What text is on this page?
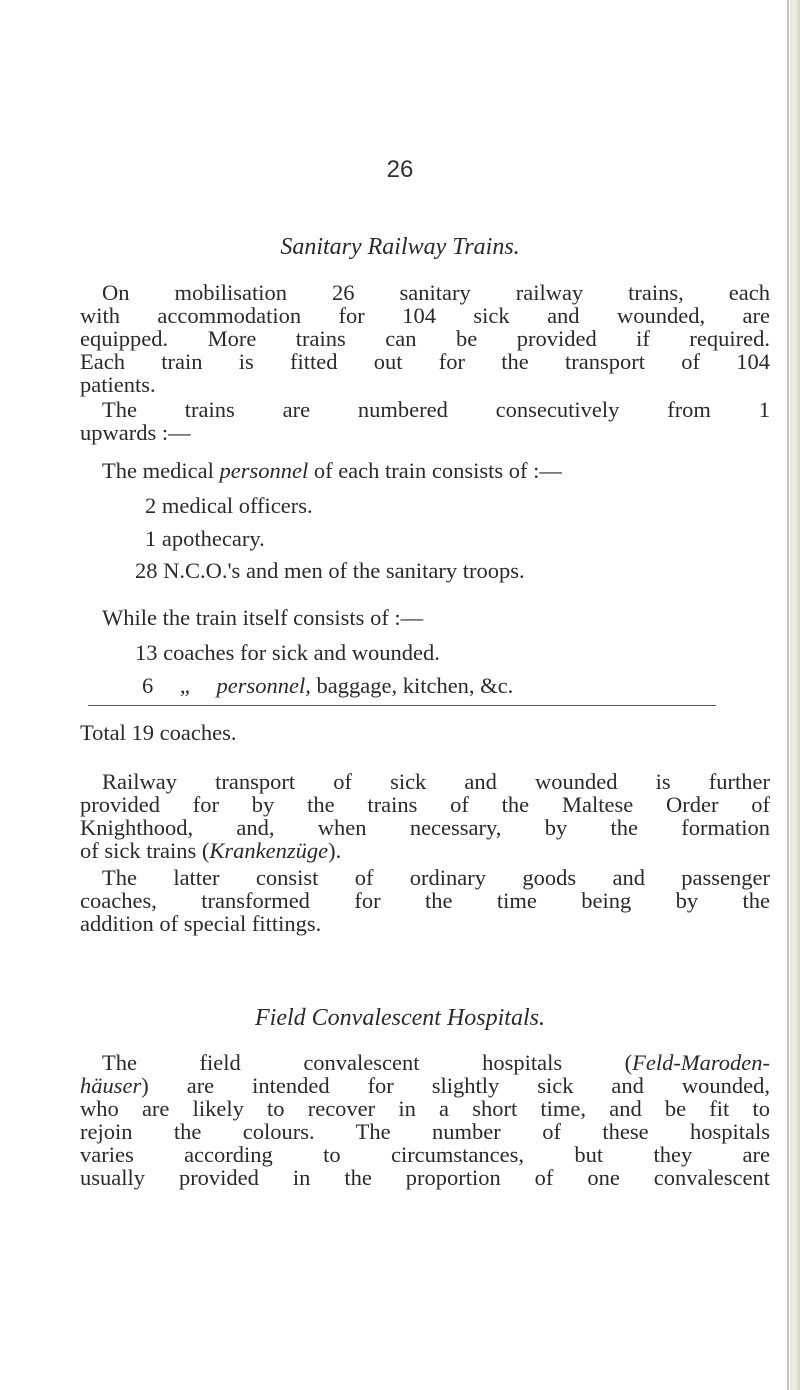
26
Sanitary Railway Trains.
On mobilisation 26 sanitary railway trains, each
with accommodation for 104 sick and wounded, are
equipped. More trains can be provided if required.
Each train is fitted out for the transport of 104
patients.
The trains are numbered consecutively from 1
upwards :—
The medical personnel of each train consists of :—
2 medical officers.
1 apothecary.
28 N.C.O.'s and men of the sanitary troops.
While the train itself consists of :—
13 coaches for sick and wounded.
6 „ personnel, baggage, kitchen, &c.
Total 19 coaches.
Railway transport of sick and wounded is further
provided for by the trains of the Maltese Order of
Knighthood, and, when necessary, by the formation
of sick trains (Krankenzüge).
The latter consist of ordinary goods and passenger
coaches, transformed for the time being by the
addition of special fittings.
Field Convalescent Hospitals.
The field convalescent hospitals (Feld-Maroden-
häuser) are intended for slightly sick and wounded,
who are likely to recover in a short time, and be fit to
rejoin the colours. The number of these hospitals
varies according to circumstances, but they are
usually provided in the proportion of one convalescent
